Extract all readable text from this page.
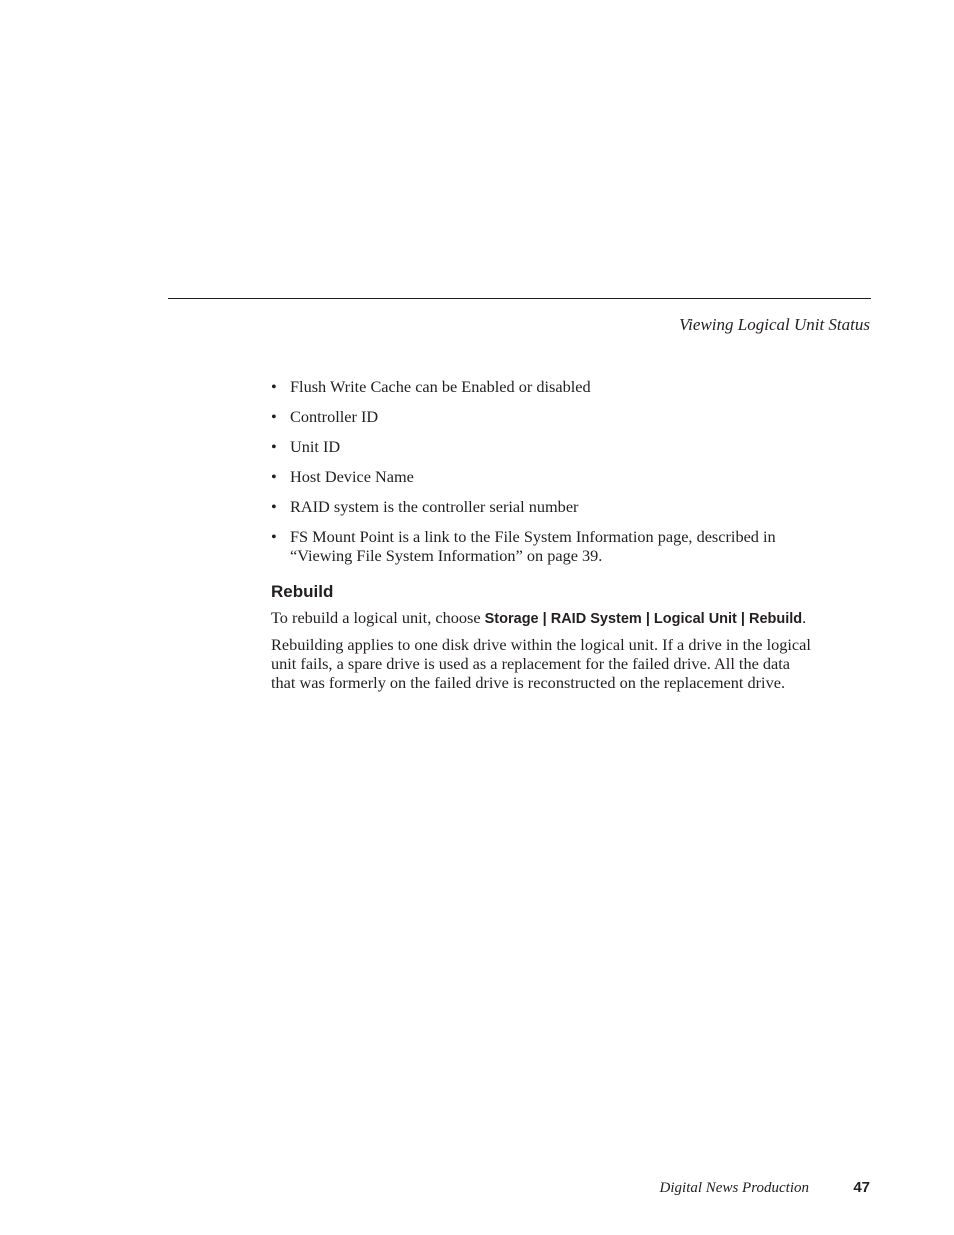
Viewing Logical Unit Status
• Flush Write Cache can be Enabled or disabled
• Controller ID
• Unit ID
• Host Device Name
• RAID system is the controller serial number
• FS Mount Point is a link to the File System Information page, described in “Viewing File System Information” on page 39.
Rebuild

To rebuild a logical unit, choose Storage | RAID System | Logical Unit | Rebuild.

Rebuilding applies to one disk drive within the logical unit. If a drive in the logical unit fails, a spare drive is used as a replacement for the failed drive. All the data that was formerly on the failed drive is reconstructed on the replacement drive.

Digital News Production	47
